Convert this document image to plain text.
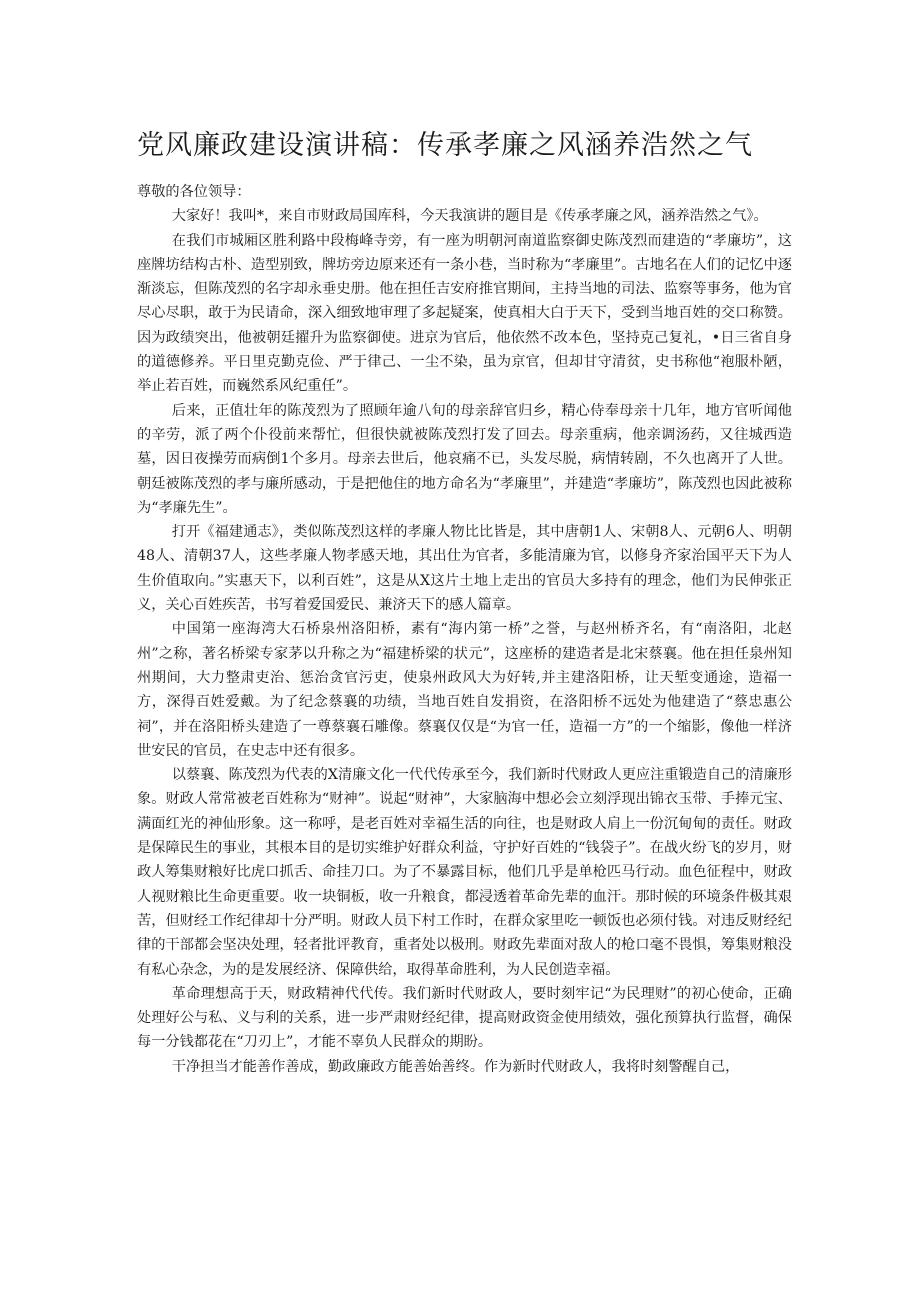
党风廉政建设演讲稿：传承孝廉之风涵养浩然之气

尊敬的各位领导：

大家好！我叫*，来自市财政局国库科，今天我演讲的题目是《传承孝廉之风，涵养浩然之气》。

在我们市城厢区胜利路中段梅峰寺旁，有一座为明朝河南道监察御史陈茂烈而建造的“孝廉坊”，这座牌坊结构古朴、造型别致，牌坊旁边原来还有一条小巷，当时称为“孝廉里”。古地名在人们的记忆中逐渐淡忘，但陈茂烈的名字却永垂史册。他在担任吉安府推官期间，主持当地的司法、监察等事务，他为官尽心尽职，敢于为民请命，深入细致地审理了多起疑案，使真相大白于天下，受到当地百姓的交口称赞。因为政绩突出，他被朝廷擢升为监察御使。进京为官后，他依然不改本色，坚持克己复礼，•日三省自身的道德修养。平日里克勤克俭、严于律己、一尘不染，虽为京官，但却甘守清贫，史书称他“袍服朴陋，举止若百姓，而巍然系风纪重任”。

后来，正值壮年的陈茂烈为了照顾年逾八旬的母亲辞官归乡，精心侍奉母亲十几年，地方官听闻他的辛劳，派了两个仆役前来帮忙，但很快就被陈茂烈打发了回去。母亲重病，他亲调汤药，又往城西造墓，因日夜操劳而病倒1个多月。母亲去世后，他哀痛不已，头发尽脱，病情转剧，不久也离开了人世。朝廷被陈茂烈的孝与廉所感动，于是把他住的地方命名为“孝廉里”，并建造“孝廉坊”，陈茂烈也因此被称为“孝廉先生”。

打开《福建通志》，类似陈茂烈这样的孝廉人物比比皆是，其中唐朝1人、宋朝8人、元朝6人、明朝48人、清朝37人，这些孝廉人物孝感天地，其出仕为官者，多能清廉为官，以修身齐家治国平天下为人生价值取向。”实惠天下，以利百姓”，这是从X这片土地上走出的官员大多持有的理念，他们为民伸张正义，关心百姓疾苦，书写着爱国爱民、兼济天下的感人篇章。

中国第一座海湾大石桥泉州洛阳桥，素有“海内第一桥”之誉，与赵州桥齐名，有“南洛阳，北赵州”之称，著名桥梁专家茅以升称之为“福建桥梁的状元”，这座桥的建造者是北宋蔡襄。他在担任泉州知州期间，大力整肃吏治、惩治贪官污吏，使泉州政风大为好转,并主建洛阳桥，让天堑变通途，造福一方，深得百姓爱戴。为了纪念蔡襄的功绩，当地百姓自发捐资，在洛阳桥不远处为他建造了“蔡忠惠公祠”，并在洛阳桥头建造了一尊蔡襄石雕像。蔡襄仅仅是“为官一任，造福一方”的一个缩影，像他一样济世安民的官员，在史志中还有很多。

以蔡襄、陈茂烈为代表的X清廉文化一代代传承至今，我们新时代财政人更应注重锻造自己的清廉形象。财政人常常被老百姓称为“财神”。说起“财神”，大家脑海中想必会立刻浮现出锦衣玉带、手捧元宝、满面红光的神仙形象。这一称呼，是老百姓对幸福生活的向往，也是财政人肩上一份沉甸甸的责任。财政是保障民生的事业，其根本目的是切实维护好群众利益，守护好百姓的“钱袋子”。在战火纷飞的岁月，财政人筹集财粮好比虎口抓舌、命挂刀口。为了不暴露目标，他们几乎是单枪匹马行动。血色征程中，财政人视财粮比生命更重要。收一块铜板，收一升粮食，都浸透着革命先辈的血汗。那时候的环境条件极其艰苦，但财经工作纪律却十分严明。财政人员下村工作时，在群众家里吃一顿饭也必须付钱。对违反财经纪律的干部都会坚决处理，轻者批评教育，重者处以极刑。财政先辈面对敌人的枪口毫不畏惧，筹集财粮没有私心杂念，为的是发展经济、保障供给，取得革命胜利，为人民创造幸福。

革命理想高于天，财政精神代代传。我们新时代财政人，要时刻牢记“为民理财”的初心使命，正确处理好公与私、义与利的关系，进一步严肃财经纪律，提高财政资金使用绩效，强化预算执行监督，确保每一分钱都花在“刀刃上”，才能不辜负人民群众的期盼。

干净担当才能善作善成，勤政廉政方能善始善终。作为新时代财政人，我将时刻警醒自己，
